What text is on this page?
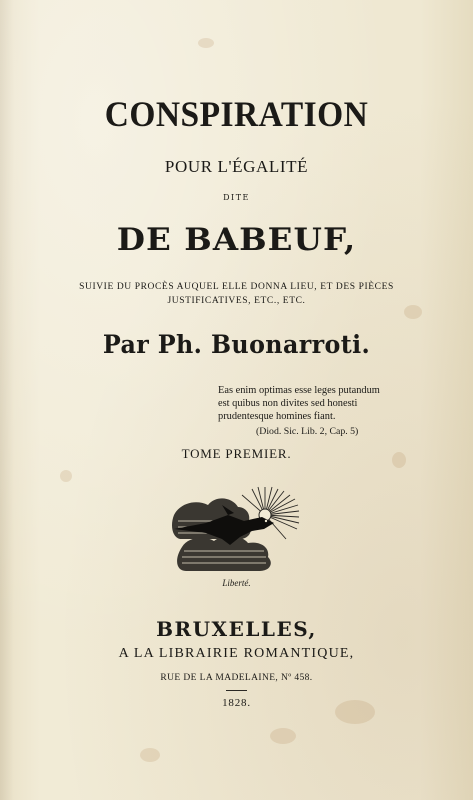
CONSPIRATION
POUR L'ÉGALITÉ
DITE
DE BABEUF,
SUIVIE DU PROCÈS AUQUEL ELLE DONNA LIEU, ET DES PIÈCES
JUSTIFICATIVES, ETC., ETC.
Par Ph. Buonarroti.
Eas enim optimas esse leges putandum
est quibus non divites sed honesti
prudentesque homines fiant.
(Diod. Sic. Lib. 2, Cap. 5)
TOME PREMIER.
Liberté.
BRUXELLES,
A LA LIBRAIRIE ROMANTIQUE,
RUE DE LA MADELAINE, Nº 458.
1828.
